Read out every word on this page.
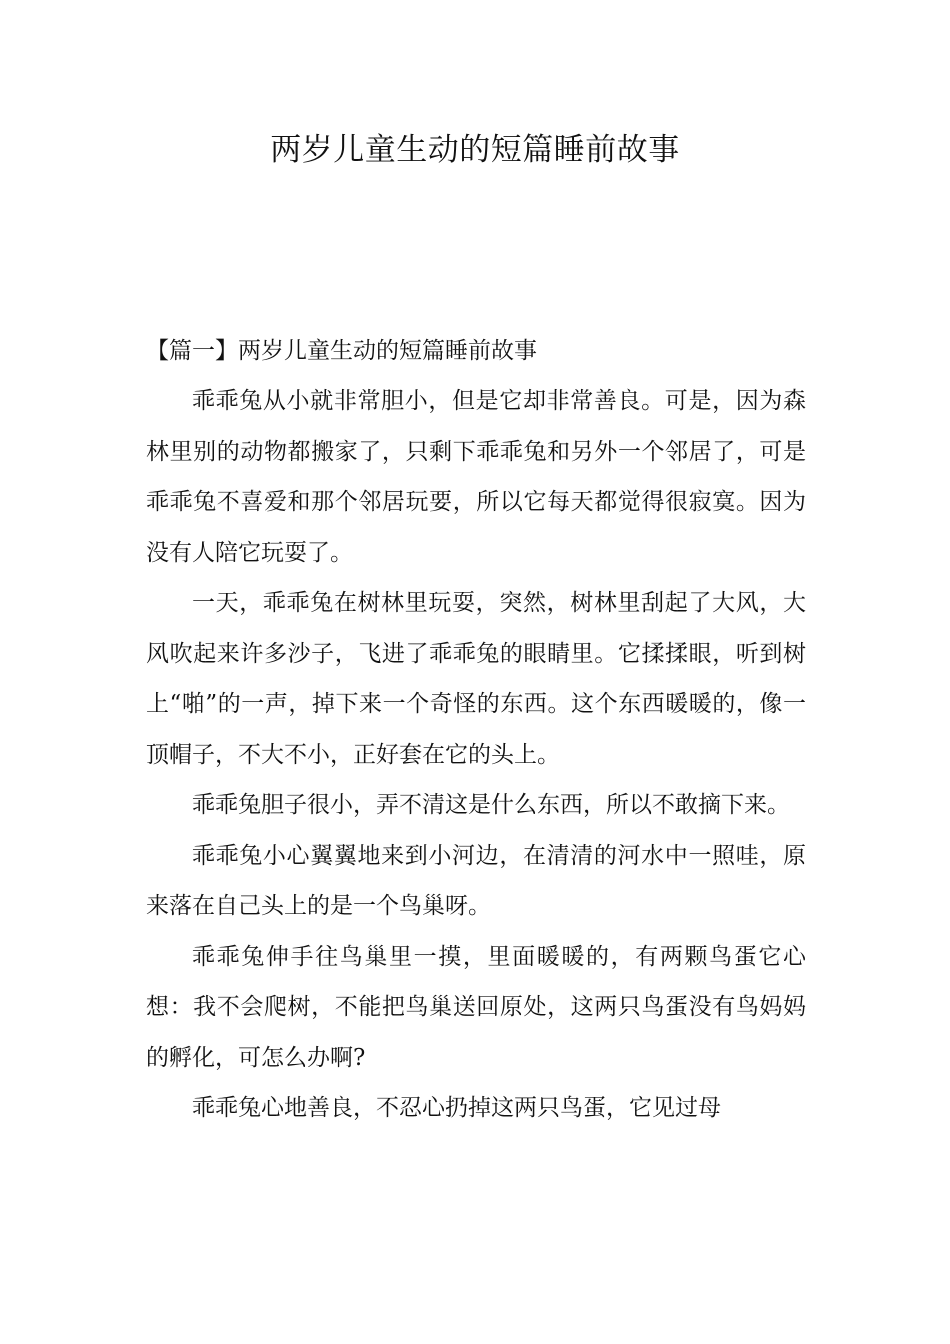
两岁儿童生动的短篇睡前故事
【篇一】两岁儿童生动的短篇睡前故事

乖乖兔从小就非常胆小，但是它却非常善良。可是，因为森林里别的动物都搬家了，只剩下乖乖兔和另外一个邻居了，可是乖乖兔不喜爱和那个邻居玩要，所以它每天都觉得很寂寞。因为没有人陪它玩耍了。

一天，乖乖兔在树林里玩耍，突然，树林里刮起了大风，大风吹起来许多沙子，飞进了乖乖兔的眼睛里。它揉揉眼，听到树上“啪”的一声，掉下来一个奇怪的东西。这个东西暖暖的，像一顶帽子，不大不小，正好套在它的头上。

乖乖兔胆子很小，弄不清这是什么东西，所以不敢摘下来。

乖乖兔小心翼翼地来到小河边，在清清的河水中一照哇，原来落在自己头上的是一个鸟巢呀。

乖乖兔伸手往鸟巢里一摸，里面暖暖的，有两颗鸟蛋它心想：我不会爬树，不能把鸟巢送回原处，这两只鸟蛋没有鸟妈妈的孵化，可怎么办啊?

乖乖兔心地善良，不忍心扔掉这两只鸟蛋，它见过母
